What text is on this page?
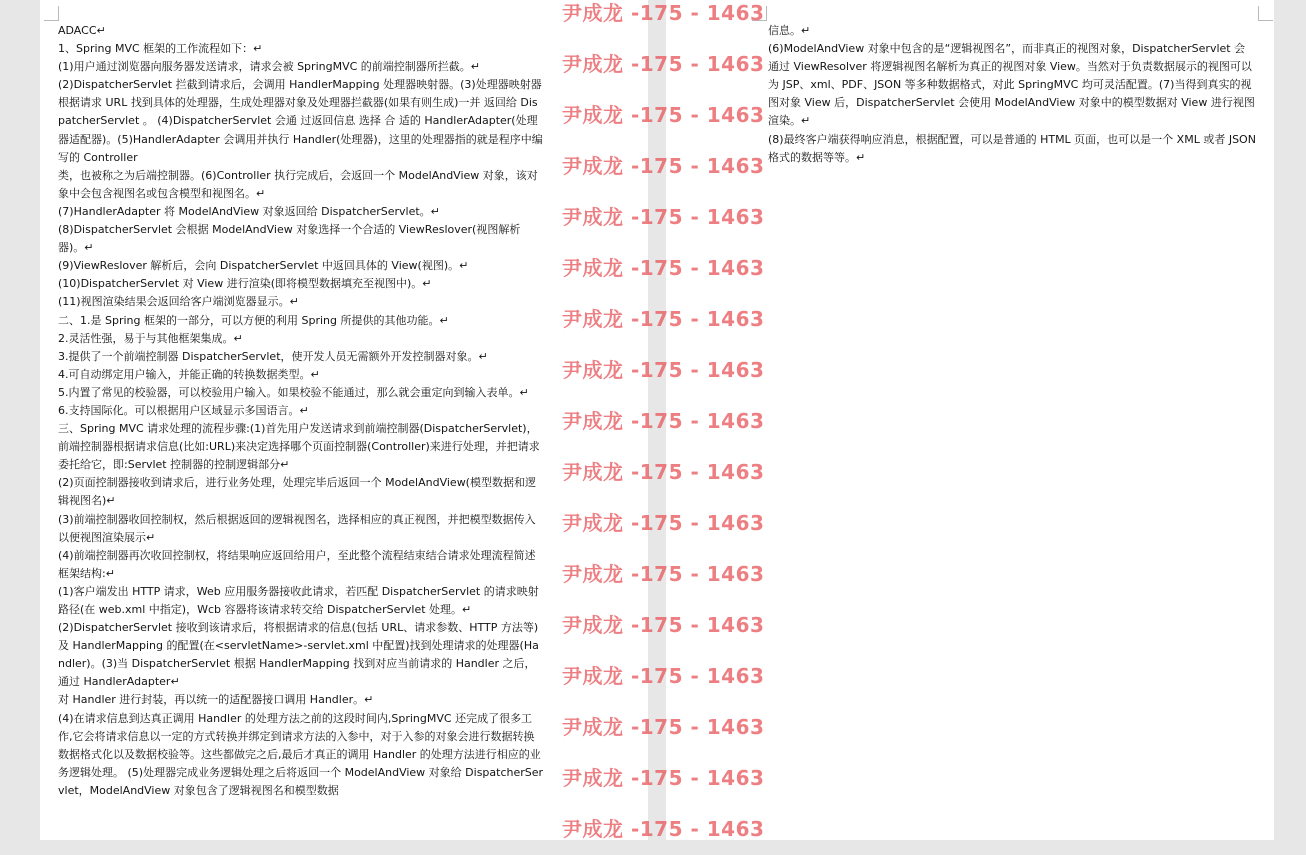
ADACC↵

1、Spring MVC 框架的工作流程如下：↵

(1)用户通过浏览器向服务器发送请求，请求会被 SpringMVC 的前端控制器所拦截。↵

(2)DispatcherServlet 拦截到请求后，会调用 HandlerMapping 处理器映射器。(3)处理器映射器根据请求 URL 找到具体的处理器，生成处理器对象及处理器拦截器(如果有则生成)一并 返回给 DispatcherServlet 。 (4)DispatcherServlet 会通 过返回信息 选择 合 适的 HandlerAdapter(处理器适配器)。(5)HandlerAdapter 会调用并执行 Handler(处理器)，这里的处理器指的就是程序中编写的 Controller

类，也被称之为后端控制器。(6)Controller 执行完成后，会返回一个 ModelAndView 对象，该对象中会包含视图名或包含模型和视图名。↵

(7)HandlerAdapter 将 ModelAndView 对象返回给 DispatcherServlet。↵

(8)DispatcherServlet 会根据 ModelAndView 对象选择一个合适的 ViewReslover(视图解析器)。↵

(9)ViewReslover 解析后，会向 DispatcherServlet 中返回具体的 View(视图)。↵

(10)DispatcherServlet 对 View 进行渲染(即将模型数据填充至视图中)。↵

(11)视图渲染结果会返回给客户端浏览器显示。↵

二、1.是 Spring 框架的一部分，可以方便的利用 Spring 所提供的其他功能。↵

2.灵活性强，易于与其他框架集成。↵

3.提供了一个前端控制器 DispatcherServlet，使开发人员无需额外开发控制器对象。↵

4.可自动绑定用户输入，并能正确的转换数据类型。↵

5.内置了常见的校验器，可以校验用户输入。如果校验不能通过，那么就会重定向到输入表单。↵

6.支持国际化。可以根据用户区域显示多国语言。↵

三、Spring MVC 请求处理的流程步骤:(1)首先用户发送请求到前端控制器(DispatcherServlet)，前端控制器根据请求信息(比如:URL)来决定选择哪个页面控制器(Controller)来进行处理，并把请求委托给它，即:Servlet 控制器的控制逻辑部分↵

(2)页面控制器接收到请求后，进行业务处理，处理完毕后返回一个 ModelAndView(模型数据和逻辑视图名)↵

(3)前端控制器收回控制权，然后根据返回的逻辑视图名，选择相应的真正视图，并把模型数据传入以便视图渲染展示↵

(4)前端控制器再次收回控制权，将结果响应返回给用户，至此整个流程结束结合请求处理流程简述框架结构:↵

(1)客户端发出 HTTP 请求，Web 应用服务器接收此请求，若匹配 DispatcherServlet 的请求映射路径(在 web.xml 中指定)，Wcb 容器将该请求转交给 DispatcherServlet 处理。↵

(2)DispatcherServlet 接收到该请求后，将根据请求的信息(包括 URL、请求参数、HTTP 方法等)及 HandlerMapping 的配置(在<servletName>-servlet.xml 中配置)找到处理请求的处理器(Handler)。(3)当 DispatcherServlet 根据 HandlerMapping 找到对应当前请求的 Handler 之后，通过 HandlerAdapter↵

对 Handler 进行封装，再以统一的适配器接口调用 Handler。↵

(4)在请求信息到达真正调用 Handler 的处理方法之前的这段时间内,SpringMVC 还完成了很多工作,它会将请求信息以一定的方式转换并绑定到请求方法的入参中，对于入参的对象会进行数据转换 数据格式化以及数据校验等。这些都做完之后,最后才真正的调用 Handler 的处理方法进行相应的业务逻辑处理。 (5)处理器完成业务逻辑处理之后将返回一个 ModelAndView 对象给 DispatcherServlet，ModelAndView 对象包含了逻辑视图名和模型数据

信息。↵

(6)ModelAndView 对象中包含的是“逻辑视图名”，而非真正的视图对象，DispatcherServlet 会通过 ViewResolver 将逻辑视图名解析为真正的视图对象 View。当然对于负责数据展示的视图可以为 JSP、xml、PDF、JSON 等多种数据格式，对此 SpringMVC 均可灵活配置。(7)当得到真实的视图对象 View 后，DispatcherServlet 会使用 ModelAndView 对象中的模型数据对 View 进行视图渲染。↵

(8)最终客户端获得响应消息，根据配置，可以是普通的 HTML 页面，也可以是一个 XML 或者 JSON 格式的数据等等。↵

尹成龙 -175 - 1463
尹成龙 -175 - 1463
尹成龙 -175 - 1463
尹成龙 -175 - 1463
尹成龙 -175 - 1463
尹成龙 -175 - 1463
尹成龙 -175 - 1463
尹成龙 -175 - 1463
尹成龙 -175 - 1463
尹成龙 -175 - 1463
尹成龙 -175 - 1463
尹成龙 -175 - 1463
尹成龙 -175 - 1463
尹成龙 -175 - 1463
尹成龙 -175 - 1463
尹成龙 -175 - 1463
尹成龙 -175 - 1463
